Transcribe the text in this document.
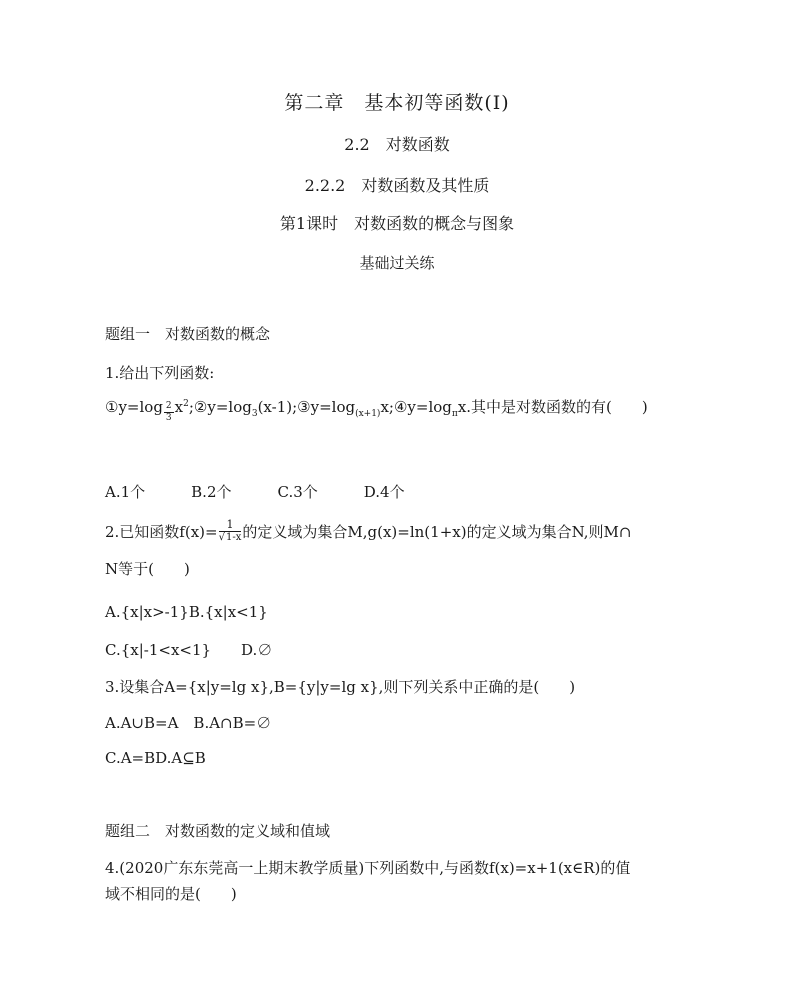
第二章　基本初等函数(Ⅰ)
2.2　对数函数
2.2.2　对数函数及其性质
第1课时　对数函数的概念与图象
基础过关练
题组一　对数函数的概念
1.给出下列函数:
①y=log $\frac{2}{3}$ $x^2;②y=\log_3(x-1);③y=\log_{(x+1)}x;④y=\log_\pi x$.其中是对数函数的有(　　)
A.1个	B.2个	C.3个	D.4个
2.已知函数$f(x)= \frac{1}{√1-x}$ 的定义域为集合M,g(x)=ln(1+x)的定义域为集合N,则M∩
N等于(　　)
A.{x|x>-1}B.{x|x<1}
C.{x|-1<x<1}　　D.∅
3.设集合A={x|y=lg x},B={y|y=lg x},则下列关系中正确的是(　　)
A.A∪B=A　B.A∩B=∅
C.A=BD.A⊆B
题组二　对数函数的定义域和值域
4.(2020广东东莞高一上期末教学质量)下列函数中,与函数f(x)=x+1(x∈R)的值
域不相同的是(　　)
